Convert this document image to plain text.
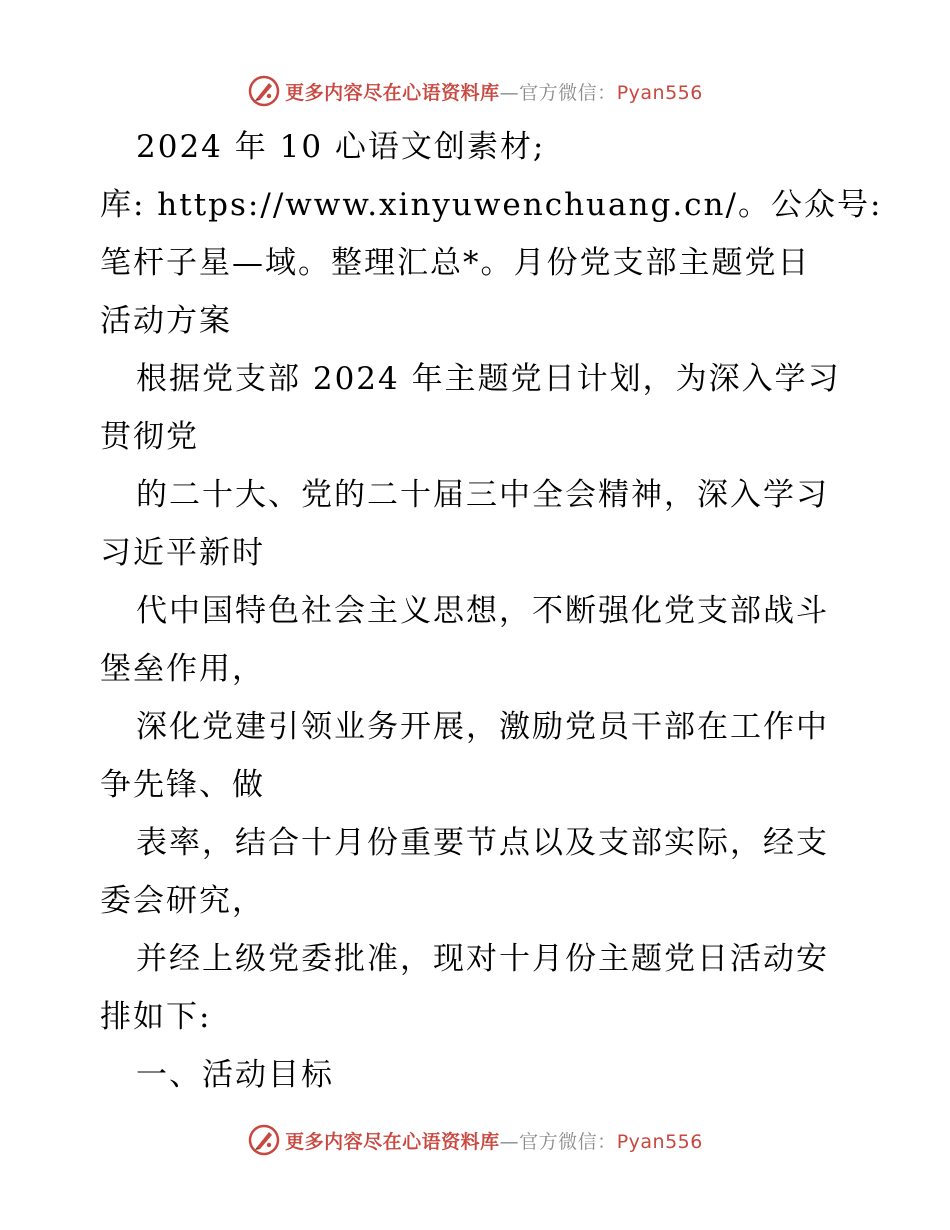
更多内容尽在心语资料库—官方微信：Pyan556
2024 年 10 心语文创素材;
库: https://www.xinyuwenchuang.cn/。公众号:
笔杆子星—域。整理汇总*。月份党支部主题党日
活动方案
根据党支部 2024 年主题党日计划，为深入学习
贯彻党
的二十大、党的二十届三中全会精神，深入学习
习近平新时
代中国特色社会主义思想，不断强化党支部战斗
堡垒作用，
深化党建引领业务开展，激励党员干部在工作中
争先锋、做
表率，结合十月份重要节点以及支部实际，经支
委会研究，
并经上级党委批准，现对十月份主题党日活动安
排如下:
一、活动目标
更多内容尽在心语资料库—官方微信：Pyan556
